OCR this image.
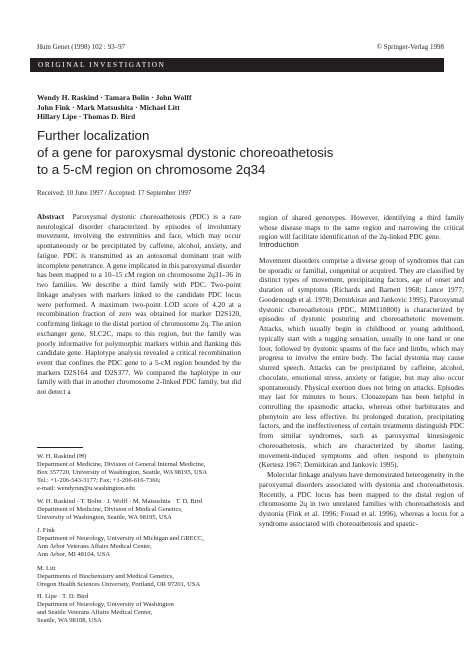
Hum Genet (1998) 102 : 93–97	© Springer-Verlag 1998
ORIGINAL INVESTIGATION
Wendy H. Raskind · Tamara Bolin · John Wolff
John Fink · Mark Matsushita · Michael Litt
Hillary Lipe · Thomas D. Bird
Further localization
of a gene for paroxysmal dystonic choreoathetosis
to a 5-cM region on chromosome 2q34
Received: 10 June 1997 / Accepted: 17 September 1997

Abstract Paroxysmal dystonic choreoathetosis (PDC) is a rare neurological disorder characterized by episodes of involuntary movement, involving the extremities and face, which may occur spontaneously or be precipitated by caffeine, alcohol, anxiety, and fatigue. PDC is transmitted as an autosomal dominant trait with incomplete penetrance. A gene implicated in this paroxysmal disorder has been mapped to a 10–15 cM region on chromosome 2q31–36 in two families. We describe a third family with PDC. Two-point linkage analyses with markers linked to the candidate PDC locus were performed. A maximum two-point LOD score of 4.20 at a recombination fraction of zero was obtained for marker D2S120, confirming linkage to the distal portion of chromosome 2q. The anion exchanger gene, SLC2C, maps to this region, but the family was poorly informative for polymorphic markers within and flanking this candidate gene. Haplotype analysis revealed a critical recombination event that confines the PDC gene to a 5-cM region bounded by the markers D2S164 and D2S377. We compared the haplotype in our family with that in another chromosome 2-linked PDC family, but did not detect a

region of shared genotypes. However, identifying a third family whose disease maps to the same region and narrowing the critical region will facilitate identification of the 2q-linked PDC gene.

Introduction

Movement disorders comprise a diverse group of syndromes that can be sporadic or familial, congenital or acquired. They are classified by distinct types of movement, precipitating factors, age of onset and duration of symptoms (Richards and Barnett 1968; Lance 1977; Goodenough et al. 1978; Demirkiran and Jankovic 1995). Paroxysmal dystonic choreoathetosis (PDC, MIM118800) is characterized by episodes of dystonic posturing and choreoathetotic movement. Attacks, which usually begin in childhood or young adulthood, typically start with a tugging sensation, usually in one hand or one foot, followed by dystonic spasms of the face and limbs, which may progress to involve the entire body. The facial dystonia may cause slurred speech. Attacks can be precipitated by caffeine, alcohol, chocolate, emotional stress, anxiety or fatigue, but may also occur spontaneously. Physical exertion does not bring on attacks. Episodes may last for minutes to hours. Clonazepam has been helpful in controlling the spasmodic attacks, whereas other barbiturates and phenytoin are less effective. Its prolonged duration, precipitating factors, and the ineffectiveness of certain treatments distinguish PDC from similar syndromes, such as paroxysmal kinesiogenic choreoathetosis, which are characterized by shorter lasting, movement-induced symptoms and often respond to phenytoin (Kertesz 1967; Demirkiran and Jankovic 1995).

Molecular linkage analyses have demonstrated heterogeneity in the paroxysmal disorders associated with dystonia and choreoathetosis. Recently, a PDC locus has been mapped to the distal region of chromosome 2q in two unrelated families with choreoathetosis and dystonia (Fink et al. 1996; Fouad et al. 1996), whereas a locus for a syndrome associated with choreoathetosis and spastic-

W. H. Raskind (✉)

Department of Medicine, Division of General Internal Medicine,

Box 357720, University of Washington, Seattle, WA 98195, USA

Tel.: +1-206-543-3177; Fax: +1-206-616-7366;

e-mail: wendyrun@u.washington.edu

W. H. Raskind · T. Bolin · J. Wolff · M. Matsushita · T. D. Bird

Department of Medicine, Division of Medical Genetics,

University of Washington, Seattle, WA 98195, USA

J. Fink

Department of Neurology, University of Michigan and GRECC,

Ann Arbor Veterans Affairs Medical Center,

Ann Arbor, MI 48104, USA

M. Litt

Departments of Biochemistry and Medical Genetics,

Oregon Health Sciences University, Portland, OR 97201, USA

H. Lipe · T. D. Bird

Department of Neurology, University of Washington

and Seattle Veterans Affairs Medical Center,

Seattle, WA 98108, USA
